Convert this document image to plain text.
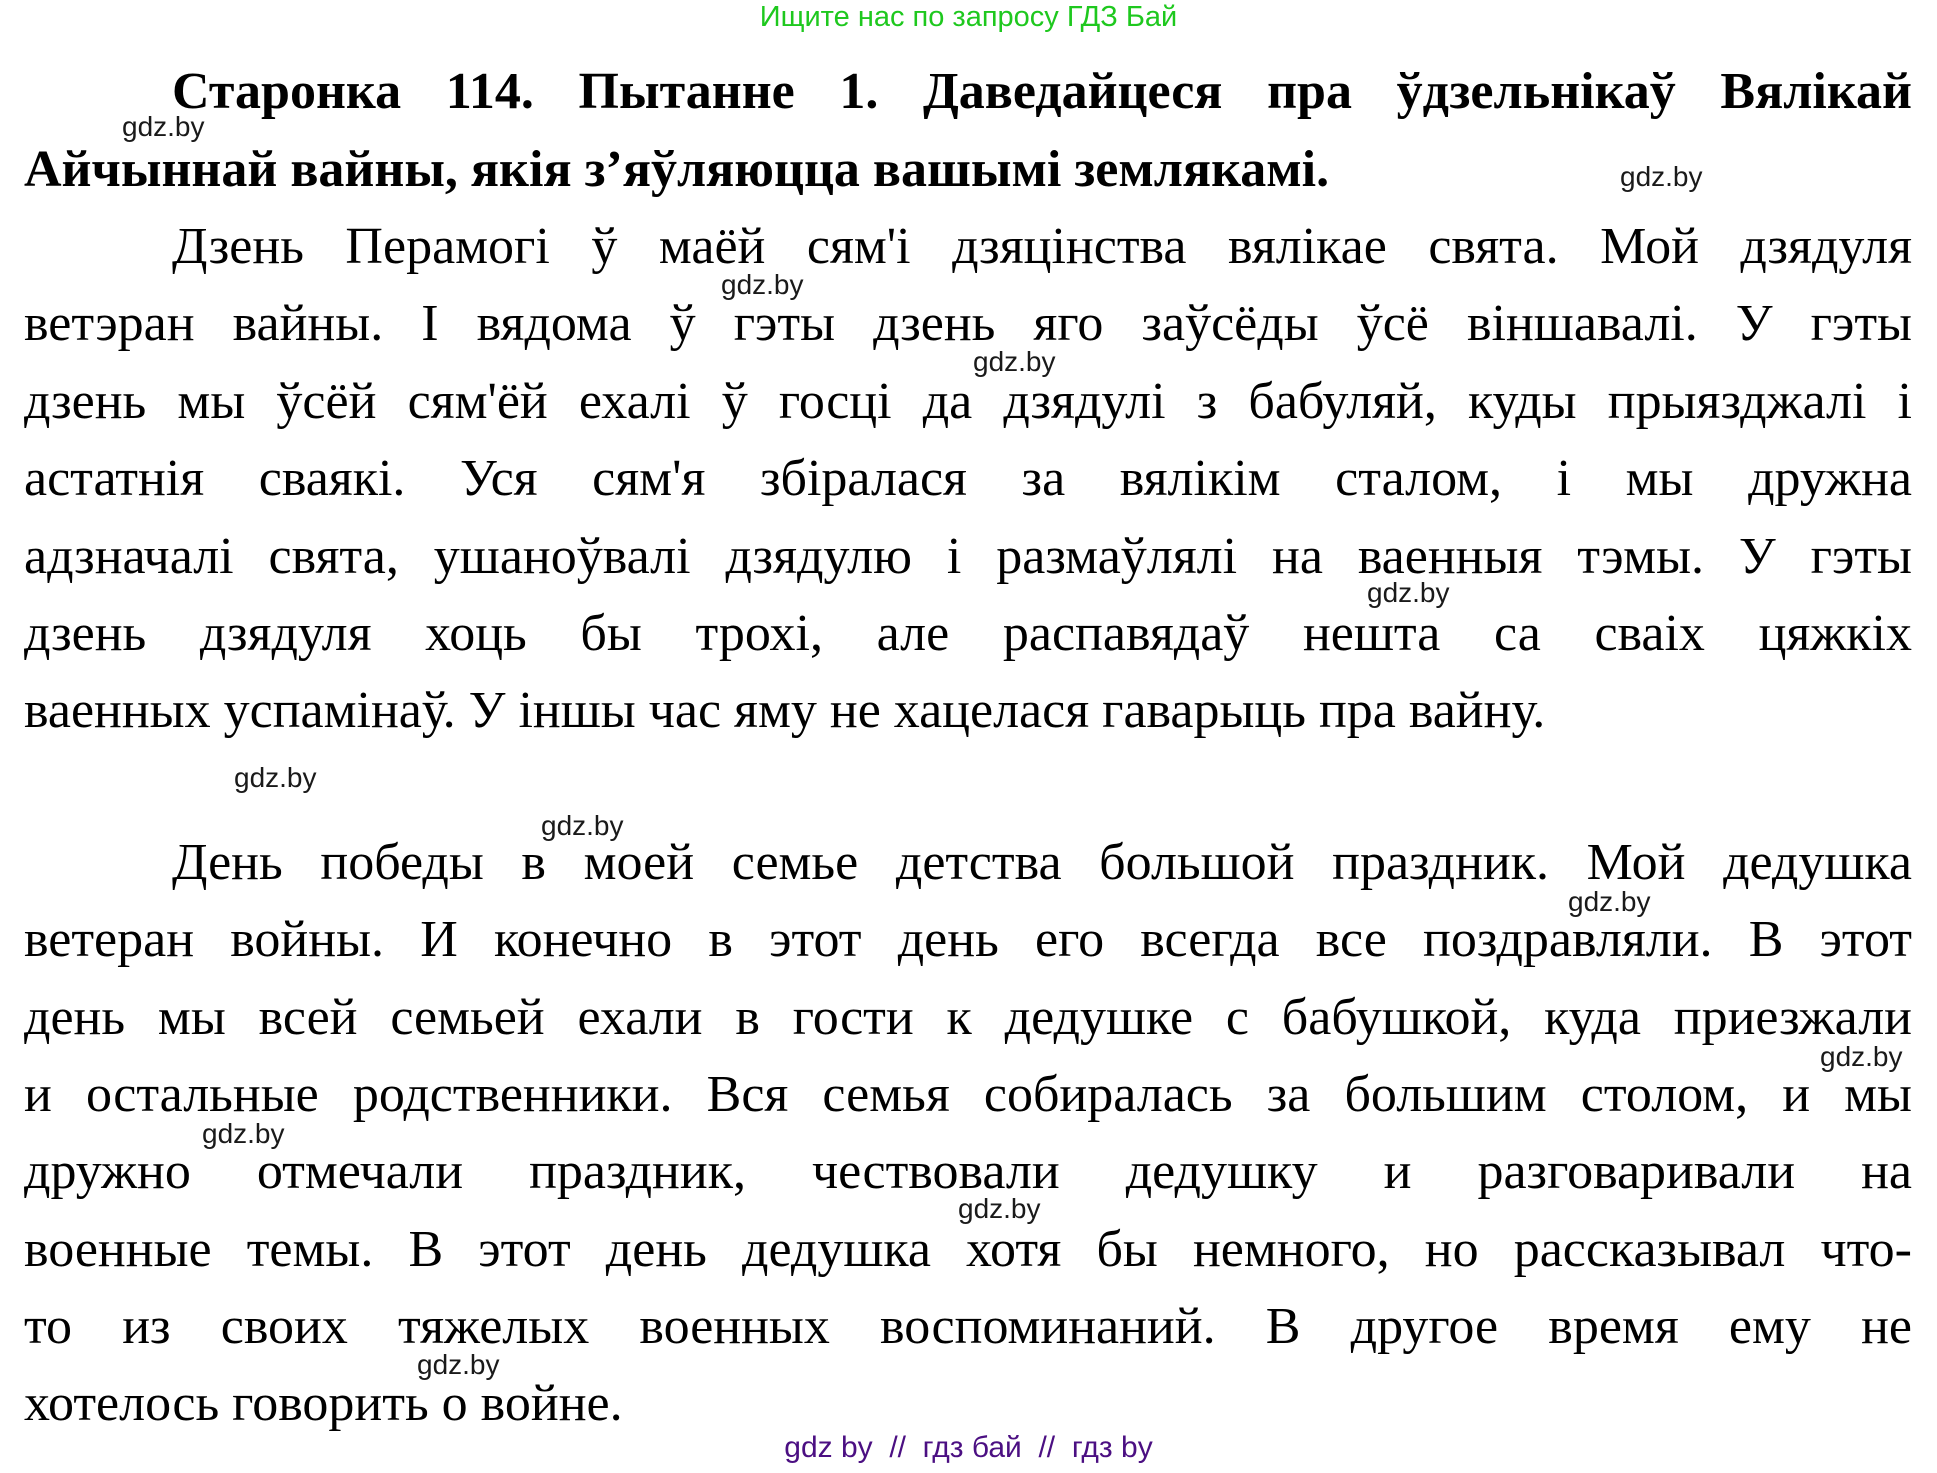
Ищите нас по запросу ГДЗ Бай
Старонка 114. Пытанне 1. Даведайцеся пра ўдзельнікаў Вялікай
Айчыннай вайны, якія з’яўляюцца вашымі землякамі.
Дзень Перамогі ў маёй сям'і дзяцінства вялікае свята. Мой дзядуля
ветэран вайны. І вядома ў гэты дзень яго заўсёды ўсё віншавалі. У гэты
дзень мы ўсёй сям'ёй ехалі ў госці да дзядулі з бабуляй, куды прыязджалі і
астатнія сваякі. Уся сям'я збіралася за вялікім сталом, і мы дружна
адзначалі свята, ушаноўвалі дзядулю і размаўлялі на ваенныя тэмы. У гэты
дзень дзядуля хоць бы трохі, але распавядаў нешта са сваіх цяжкіх
ваенных успамінаў. У іншы час яму не хацелася гаварыць пра вайну.
День победы в моей семье детства большой праздник. Мой дедушка
ветеран войны. И конечно в этот день его всегда все поздравляли. В этот
день мы всей семьей ехали в гости к дедушке с бабушкой, куда приезжали
и остальные родственники. Вся семья собиралась за большим столом, и мы
дружно отмечали праздник, чествовали дедушку и разговаривали на
военные темы. В этот день дедушка хотя бы немного, но рассказывал что-
то из своих тяжелых военных воспоминаний. В другое время ему не
хотелось говорить о войне.
gdz.by
gdz.by
gdz.by
gdz.by
gdz.by
gdz.by
gdz.by
gdz.by
gdz.by
gdz.by
gdz.by
gdz.by
gdz by  //  гдз бай  //  гдз by
